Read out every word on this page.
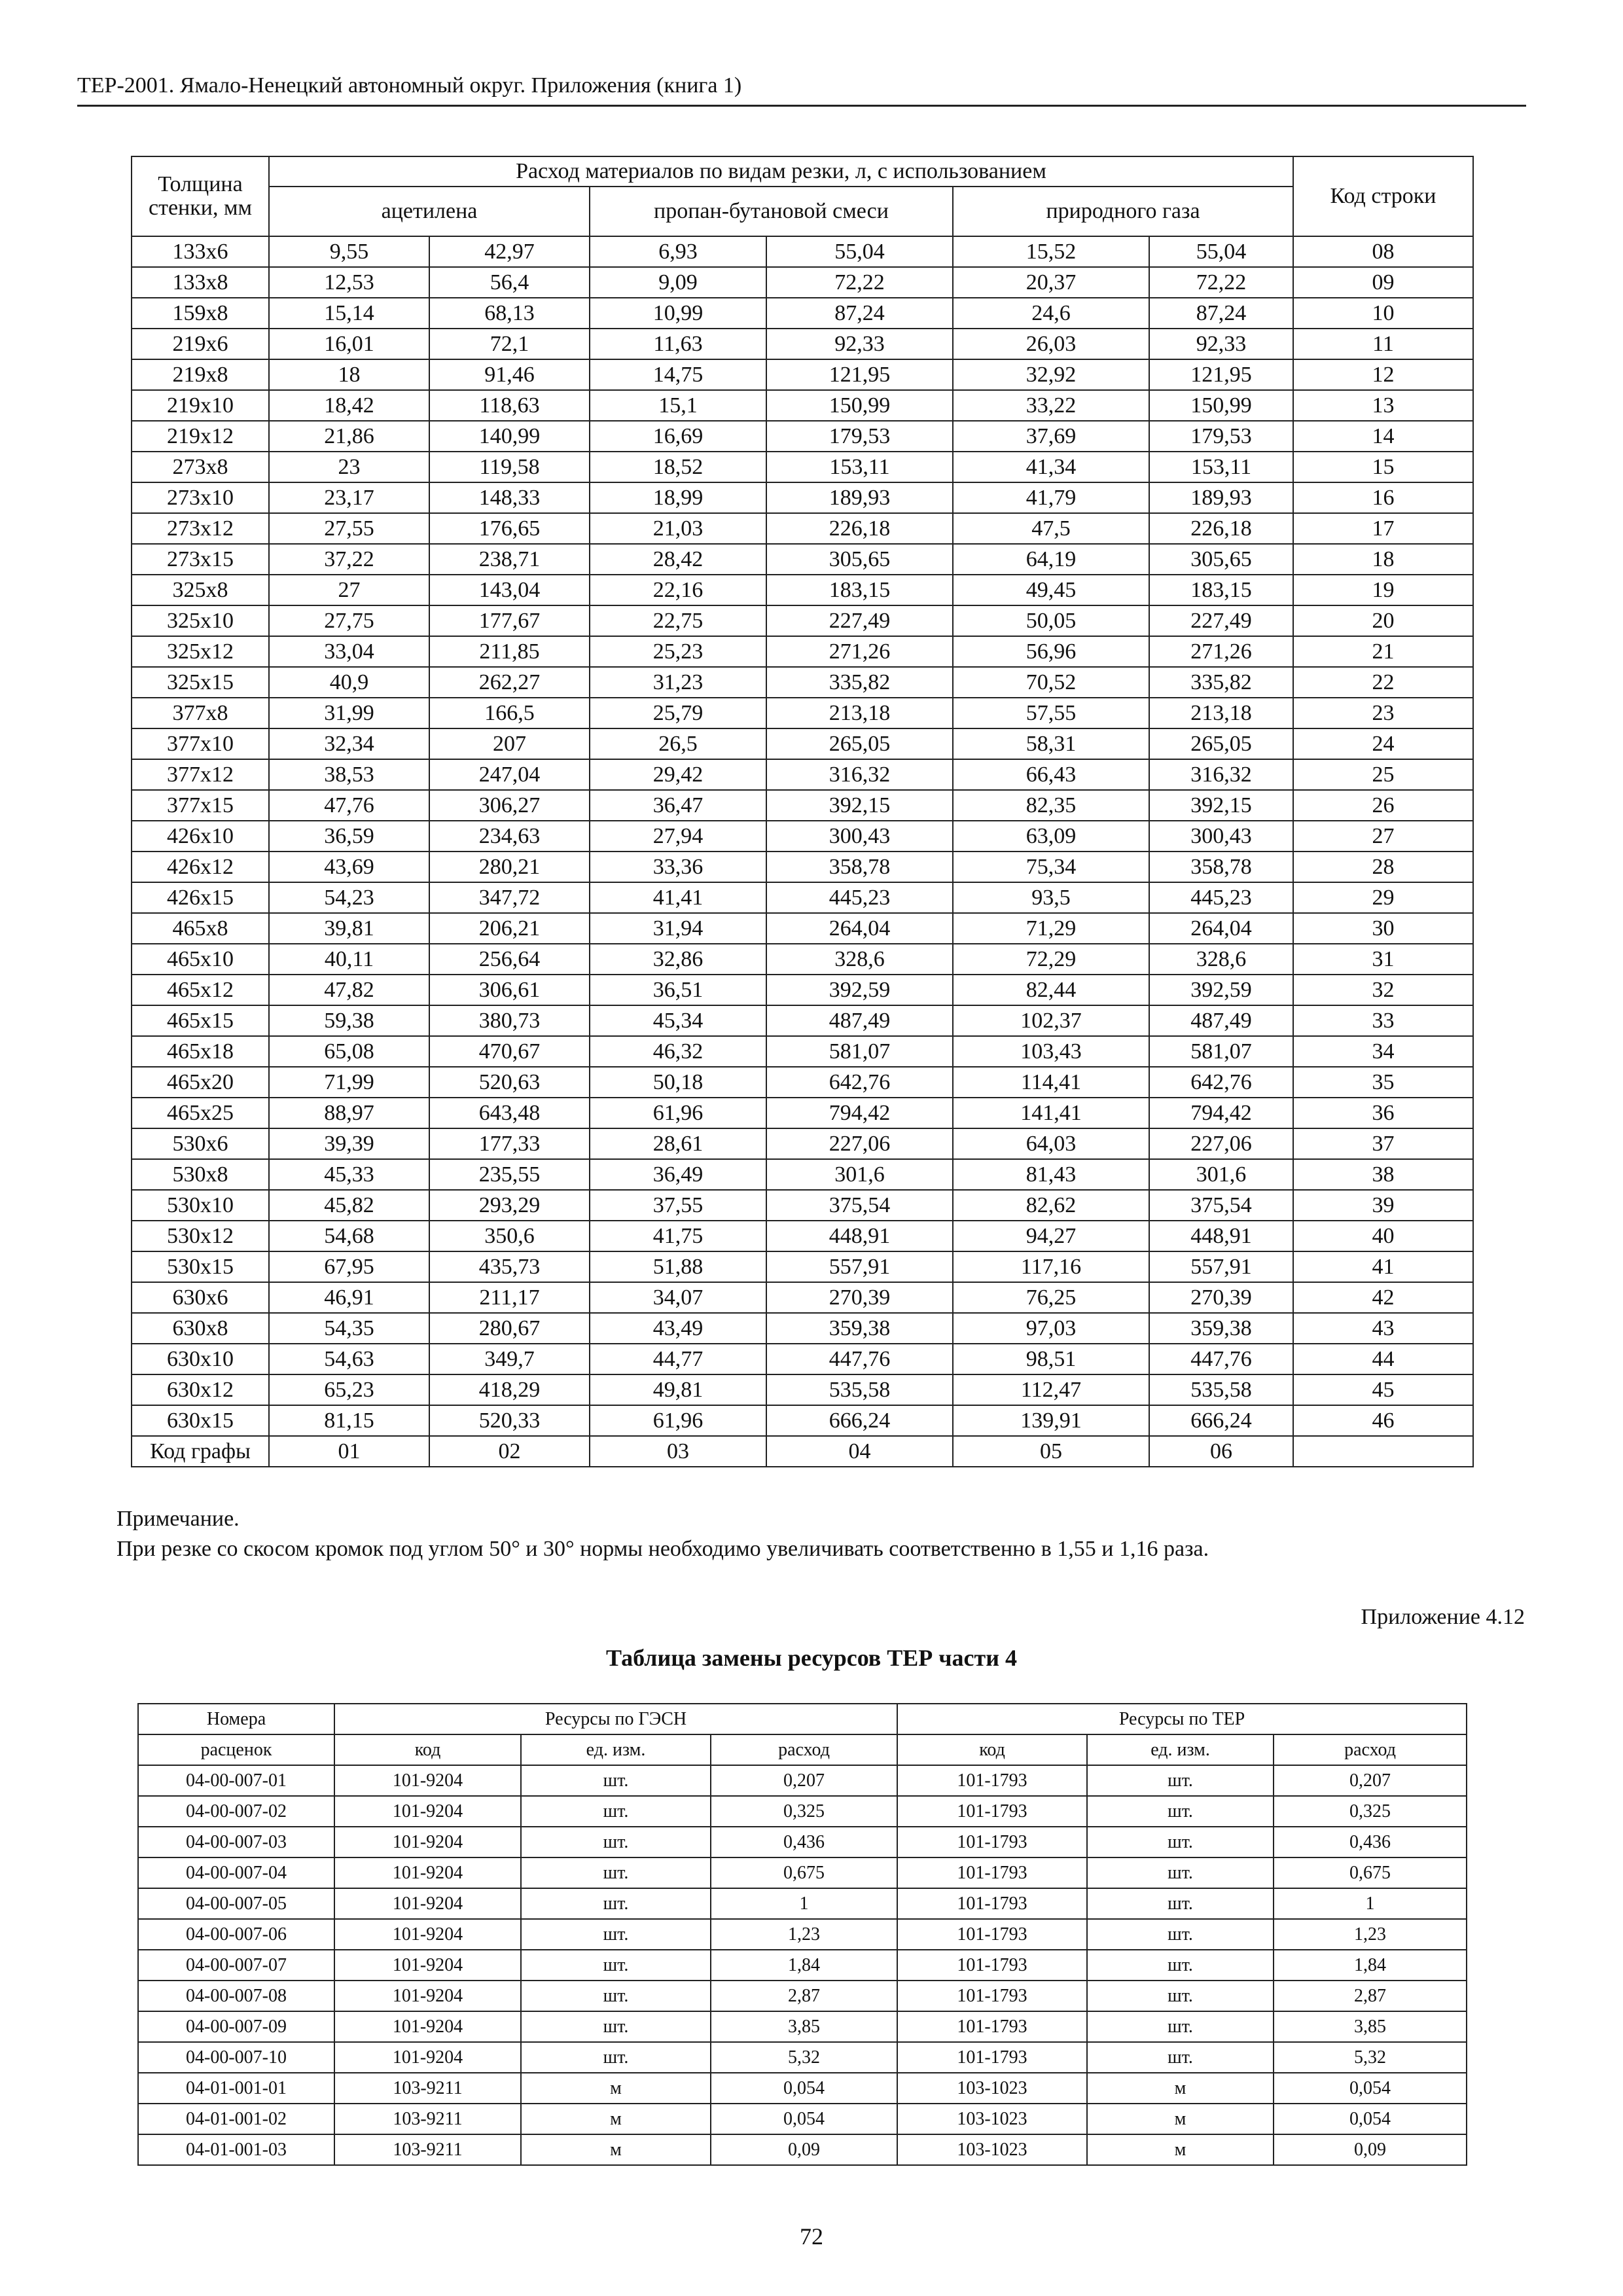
ТЕР-2001. Ямало-Ненецкий автономный округ. Приложения (книга 1)
Толщина стенки, мм	Расход материалов по видам резки, л, с использованием						Код строки
	ацетилена		пропан-бутановой смеси		природного газа		
133х6	9,55	42,97	6,93	55,04	15,52	55,04	08
133х8	12,53	56,4	9,09	72,22	20,37	72,22	09
159х8	15,14	68,13	10,99	87,24	24,6	87,24	10
219х6	16,01	72,1	11,63	92,33	26,03	92,33	11
219х8	18	91,46	14,75	121,95	32,92	121,95	12
219х10	18,42	118,63	15,1	150,99	33,22	150,99	13
219х12	21,86	140,99	16,69	179,53	37,69	179,53	14
273х8	23	119,58	18,52	153,11	41,34	153,11	15
273х10	23,17	148,33	18,99	189,93	41,79	189,93	16
273х12	27,55	176,65	21,03	226,18	47,5	226,18	17
273х15	37,22	238,71	28,42	305,65	64,19	305,65	18
325х8	27	143,04	22,16	183,15	49,45	183,15	19
325х10	27,75	177,67	22,75	227,49	50,05	227,49	20
325х12	33,04	211,85	25,23	271,26	56,96	271,26	21
325х15	40,9	262,27	31,23	335,82	70,52	335,82	22
377х8	31,99	166,5	25,79	213,18	57,55	213,18	23
377х10	32,34	207	26,5	265,05	58,31	265,05	24
377х12	38,53	247,04	29,42	316,32	66,43	316,32	25
377х15	47,76	306,27	36,47	392,15	82,35	392,15	26
426х10	36,59	234,63	27,94	300,43	63,09	300,43	27
426х12	43,69	280,21	33,36	358,78	75,34	358,78	28
426х15	54,23	347,72	41,41	445,23	93,5	445,23	29
465х8	39,81	206,21	31,94	264,04	71,29	264,04	30
465х10	40,11	256,64	32,86	328,6	72,29	328,6	31
465х12	47,82	306,61	36,51	392,59	82,44	392,59	32
465х15	59,38	380,73	45,34	487,49	102,37	487,49	33
465х18	65,08	470,67	46,32	581,07	103,43	581,07	34
465х20	71,99	520,63	50,18	642,76	114,41	642,76	35
465х25	88,97	643,48	61,96	794,42	141,41	794,42	36
530х6	39,39	177,33	28,61	227,06	64,03	227,06	37
530х8	45,33	235,55	36,49	301,6	81,43	301,6	38
530х10	45,82	293,29	37,55	375,54	82,62	375,54	39
530х12	54,68	350,6	41,75	448,91	94,27	448,91	40
530х15	67,95	435,73	51,88	557,91	117,16	557,91	41
630х6	46,91	211,17	34,07	270,39	76,25	270,39	42
630х8	54,35	280,67	43,49	359,38	97,03	359,38	43
630х10	54,63	349,7	44,77	447,76	98,51	447,76	44
630х12	65,23	418,29	49,81	535,58	112,47	535,58	45
630х15	81,15	520,33	61,96	666,24	139,91	666,24	46
Код графы	01	02	03	04	05	06	
Примечание.
При резке со скосом кромок под углом 50° и 30° нормы необходимо увеличивать соответственно в 1,55 и 1,16 раза.
Приложение 4.12
Таблица замены ресурсов ТЕР части 4
Номера	Ресурсы по ГЭСН			Ресурсы по ТЕР		
расценок	код	ед. изм.	расход	код	ед. изм.	расход
04-00-007-01	101-9204	шт.	0,207	101-1793	шт.	0,207
04-00-007-02	101-9204	шт.	0,325	101-1793	шт.	0,325
04-00-007-03	101-9204	шт.	0,436	101-1793	шт.	0,436
04-00-007-04	101-9204	шт.	0,675	101-1793	шт.	0,675
04-00-007-05	101-9204	шт.	1	101-1793	шт.	1
04-00-007-06	101-9204	шт.	1,23	101-1793	шт.	1,23
04-00-007-07	101-9204	шт.	1,84	101-1793	шт.	1,84
04-00-007-08	101-9204	шт.	2,87	101-1793	шт.	2,87
04-00-007-09	101-9204	шт.	3,85	101-1793	шт.	3,85
04-00-007-10	101-9204	шт.	5,32	101-1793	шт.	5,32
04-01-001-01	103-9211	м	0,054	103-1023	м	0,054
04-01-001-02	103-9211	м	0,054	103-1023	м	0,054
04-01-001-03	103-9211	м	0,09	103-1023	м	0,09
72
